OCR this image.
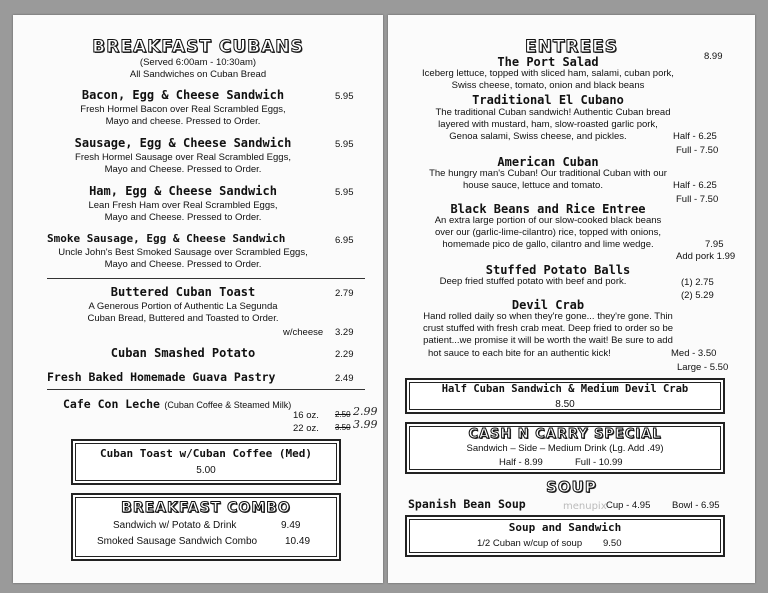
BREAKFAST CUBANS
(Served 6:00am - 10:30am)
All Sandwiches on Cuban Bread
Bacon, Egg & Cheese Sandwich	5.95
Fresh Hormel Bacon over Real Scrambled Eggs,
Mayo and cheese. Pressed to Order.
Sausage, Egg & Cheese Sandwich	5.95
Fresh Hormel Sausage over Real Scrambled Eggs,
Mayo and Cheese. Pressed to Order.
Ham, Egg & Cheese Sandwich	5.95
Lean Fresh Ham over Real Scrambled Eggs,
Mayo and Cheese. Pressed to Order.
Smoke Sausage, Egg & Cheese Sandwich	6.95
Uncle John's Best Smoked Sausage over Scrambled Eggs,
Mayo and Cheese. Pressed to Order.
Buttered Cuban Toast	2.79
A Generous Portion of Authentic La Segunda
Cuban Bread, Buttered and Toasted to Order.
w/cheese 3.29
Cuban Smashed Potato	2.29
Fresh Baked Homemade Guava Pastry	2.49
Cafe Con Leche (Cuban Coffee & Steamed Milk)
16 oz. 2.50 2.99
22 oz. 3.50 3.99
Cuban Toast w/Cuban Coffee (Med)
5.00
BREAKFAST COMBO
Sandwich w/ Potato & Drink	9.49
Smoked Sausage Sandwich Combo	10.49
ENTREES
The Port Salad	8.99
Iceberg lettuce, topped with sliced ham, salami, cuban pork,
Swiss cheese, tomato, onion and black beans
Traditional El Cubano
The traditional Cuban sandwich! Authentic Cuban bread
layered with mustard, ham, slow-roasted garlic pork,
Genoa salami, Swiss cheese, and pickles.	Half - 6.25
Full - 7.50
American Cuban
The hungry man's Cuban! Our traditional Cuban with our
house sauce, lettuce and tomato.	Half - 6.25
Full - 7.50
Black Beans and Rice Entree
An extra large portion of our slow-cooked black beans
over our (garlic-lime-cilantro) rice, topped with onions,
homemade pico de gallo, cilantro and lime wedge.	7.95
Add pork 1.99
Stuffed Potato Balls
Deep fried stuffed potato with beef and pork.	(1) 2.75
(2) 5.29
Devil Crab
Hand rolled daily so when they're gone... they're gone. Thin
crust stuffed with fresh crab meat. Deep fried to order so be
patient...we promise it will be worth the wait! Be sure to add
hot sauce to each bite for an authentic kick!	Med - 3.50
Large - 5.50
Half Cuban Sandwich & Medium Devil Crab
8.50
CASH N CARRY SPECIAL
Sandwich – Side – Medium Drink (Lg. Add .49)
Half - 8.99	Full - 10.99
SOUP
Spanish Bean Soup	Cup - 4.95 Bowl - 6.95
menupix
Soup and Sandwich
1/2 Cuban w/cup of soup 9.50
